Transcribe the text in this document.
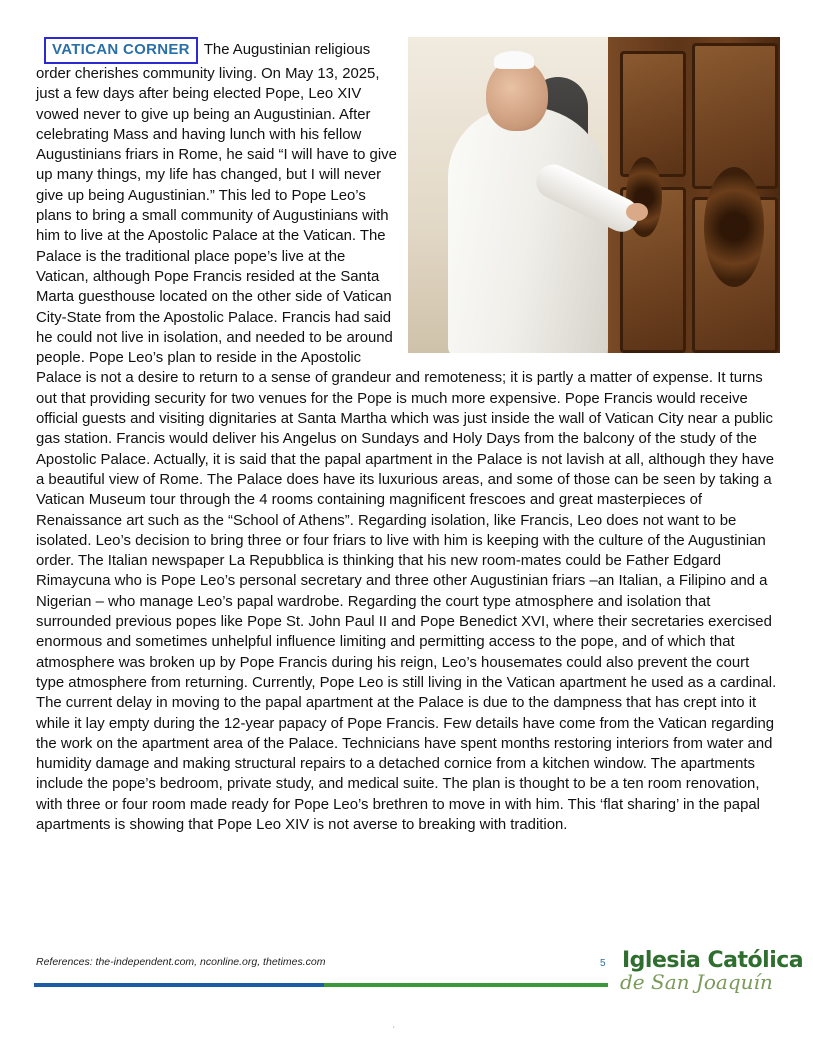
VATICAN CORNER The Augustinian religious order cherishes community living. On May 13, 2025, just a few days after being elected Pope, Leo XIV vowed never to give up being an Augustinian. After celebrating Mass and having lunch with his fellow Augustinians friars in Rome, he said “I will have to give up many things, my life has changed, but I will never give up being Augustinian.” This led to Pope Leo’s plans to bring a small community of Augustinians with him to live at the Apostolic Palace at the Vatican. The Palace is the traditional place pope’s live at the Vatican, although Pope Francis resided at the Santa Marta guesthouse located on the other side of Vatican City-State from the Apostolic Palace. Francis had said he could not live in isolation, and needed to be around people. Pope Leo’s plan to reside in the Apostolic Palace is not a desire to return to a sense of grandeur and remoteness; it is partly a matter of expense. It turns out that providing security for two venues for the Pope is much more expensive. Pope Francis would receive official guests and visiting dignitaries at Santa Martha which was just inside the wall of Vatican City near a public gas station. Francis would deliver his Angelus on Sundays and Holy Days from the balcony of the study of the Apostolic Palace. Actually, it is said that the papal apartment in the Palace is not lavish at all, although they have a beautiful view of Rome. The Palace does have its luxurious areas, and some of those can be seen by taking a Vatican Museum tour through the 4 rooms containing magnificent frescoes and great masterpieces of Renaissance art such as the “School of Athens”. Regarding isolation, like Francis, Leo does not want to be isolated. Leo’s decision to bring three or four friars to live with him is keeping with the culture of the Augustinian order. The Italian newspaper La Repubblica is thinking that his new room-mates could be Father Edgard Rimaycuna who is Pope Leo’s personal secretary and three other Augustinian friars –an Italian, a Filipino and a Nigerian – who manage Leo’s papal wardrobe. Regarding the court type atmosphere and isolation that surrounded previous popes like Pope St. John Paul II and Pope Benedict XVI, where their secretaries exercised enormous and sometimes unhelpful influence limiting and permitting access to the pope, and of which that atmosphere was broken up by Pope Francis during his reign, Leo’s housemates could also prevent the court type atmosphere from returning. Currently, Pope Leo is still living in the Vatican apartment he used as a cardinal. The current delay in moving to the papal apartment at the Palace is due to the dampness that has crept into it while it lay empty during the 12-year papacy of Pope Francis. Few details have come from the Vatican regarding the work on the apartment area of the Palace. Technicians have spent months restoring interiors from water and humidity damage and making structural repairs to a detached cornice from a kitchen window. The apartments include the pope’s bedroom, private study, and medical suite. The plan is thought to be a ten room renovation, with three or four room made ready for Pope Leo’s brethren to move in with him. This ‘flat sharing’ in the papal apartments is showing that Pope Leo XIV is not averse to breaking with tradition.

References: the-independent.com, nconline.org, thetimes.com	5 Iglesia Católica
de San Joaquín
ʼ
